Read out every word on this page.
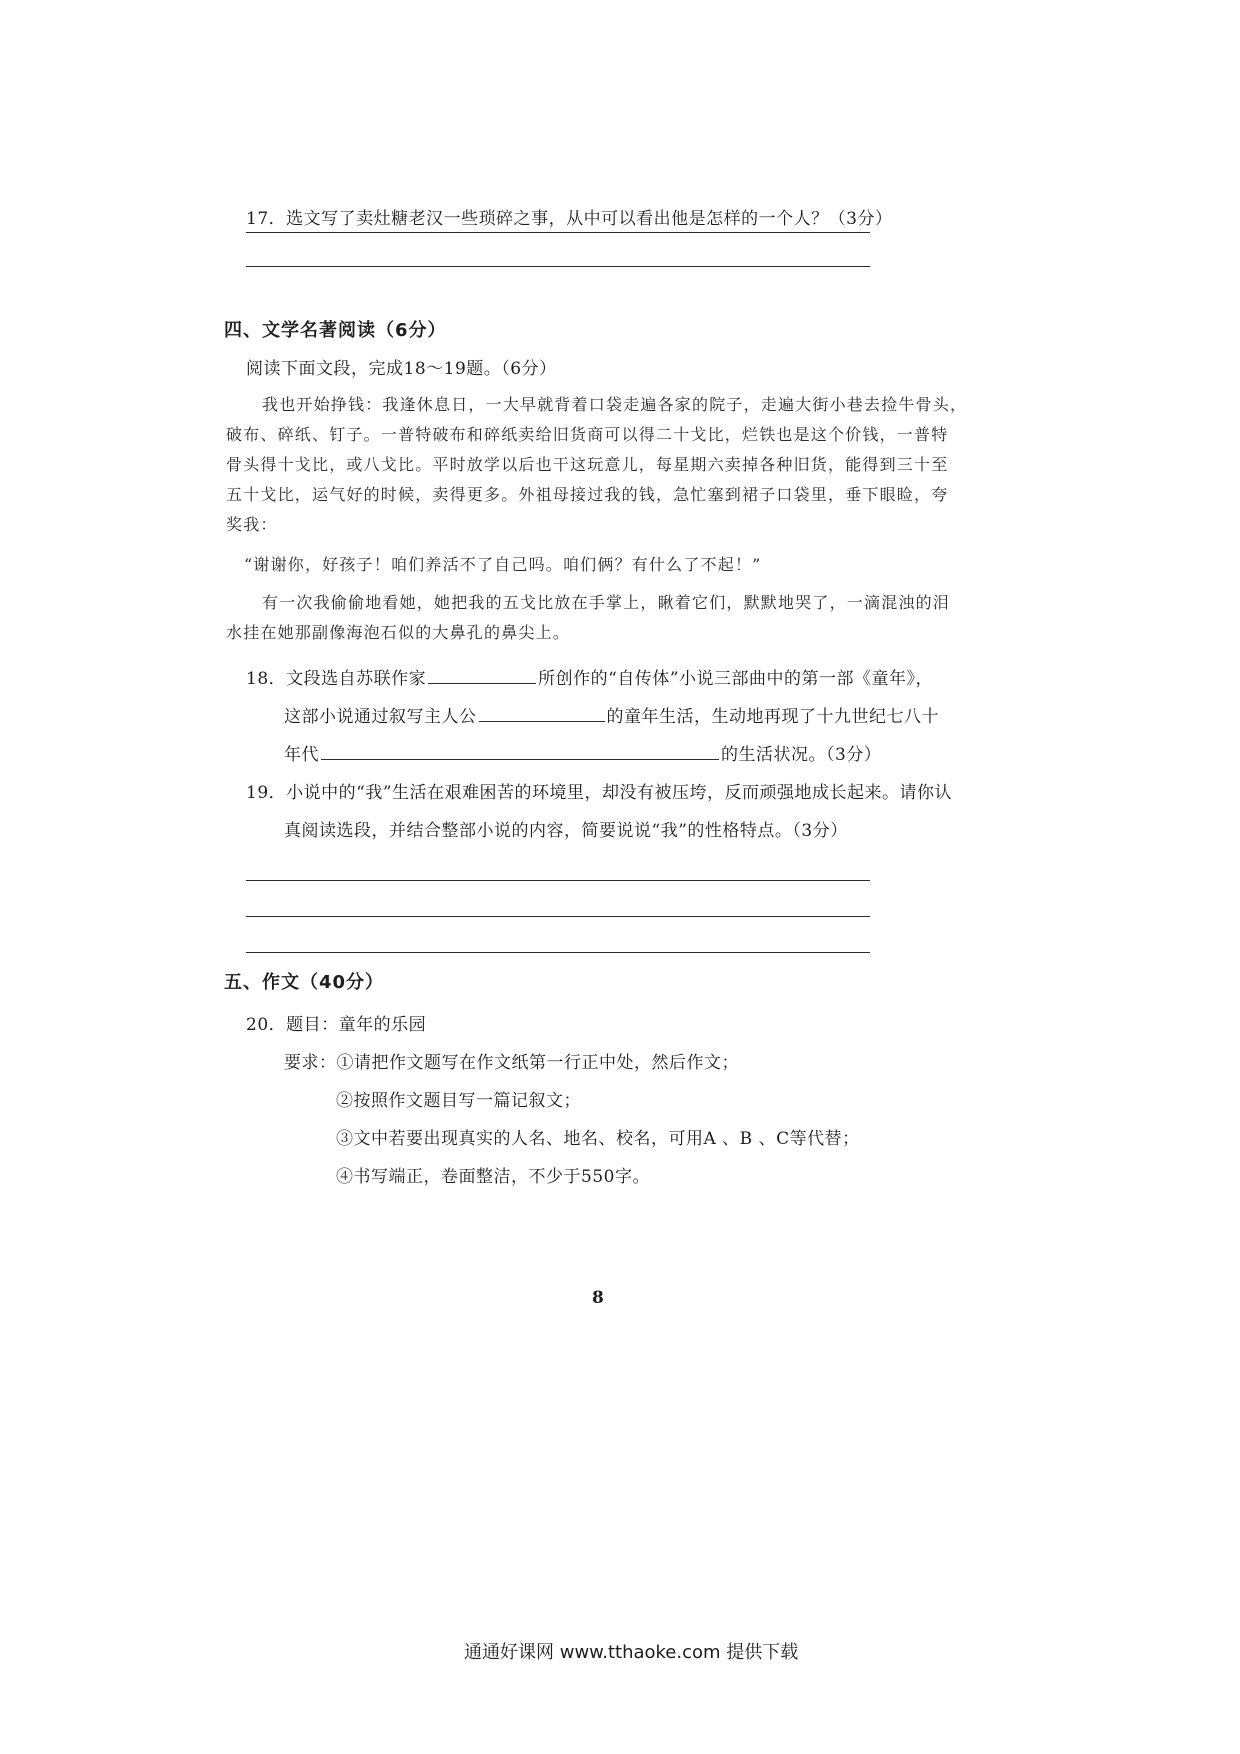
17．选文写了卖灶糖老汉一些琐碎之事，从中可以看出他是怎样的一个人？（3分）
四、文学名著阅读（6分）
阅读下面文段，完成18～19题。（6分）
我也开始挣钱：我逢休息日，一大早就背着口袋走遍各家的院子，走遍大街小巷去捡牛骨头，
破布、碎纸、钉子。一普特破布和碎纸卖给旧货商可以得二十戈比，烂铁也是这个价钱，一普特
骨头得十戈比，或八戈比。平时放学以后也干这玩意儿，每星期六卖掉各种旧货，能得到三十至
五十戈比，运气好的时候，卖得更多。外祖母接过我的钱，急忙塞到裙子口袋里，垂下眼睑，夸
奖我：
“谢谢你，好孩子！咱们养活不了自己吗。咱们俩？有什么了不起！”
有一次我偷偷地看她，她把我的五戈比放在手掌上，瞅着它们，默默地哭了，一滴混浊的泪
水挂在她那副像海泡石似的大鼻孔的鼻尖上。
18．文段选自苏联作家	所创作的“自传体”小说三部曲中的第一部《童年》，
这部小说通过叙写主人公	的童年生活，生动地再现了十九世纪七八十
年代	的生活状况。（3分）
19．小说中的“我”生活在艰难困苦的环境里，却没有被压垮，反而顽强地成长起来。请你认
真阅读选段，并结合整部小说的内容，简要说说“我”的性格特点。（3分）
五、作文（40分）
20．题目：童年的乐园
要求：①请把作文题写在作文纸第一行正中处，然后作文；
②按照作文题目写一篇记叙文；
③文中若要出现真实的人名、地名、校名，可用A 、B 、C等代替；
④书写端正，卷面整洁，不少于550字。
8
通通好课网 www.tthaoke.com 提供下载
